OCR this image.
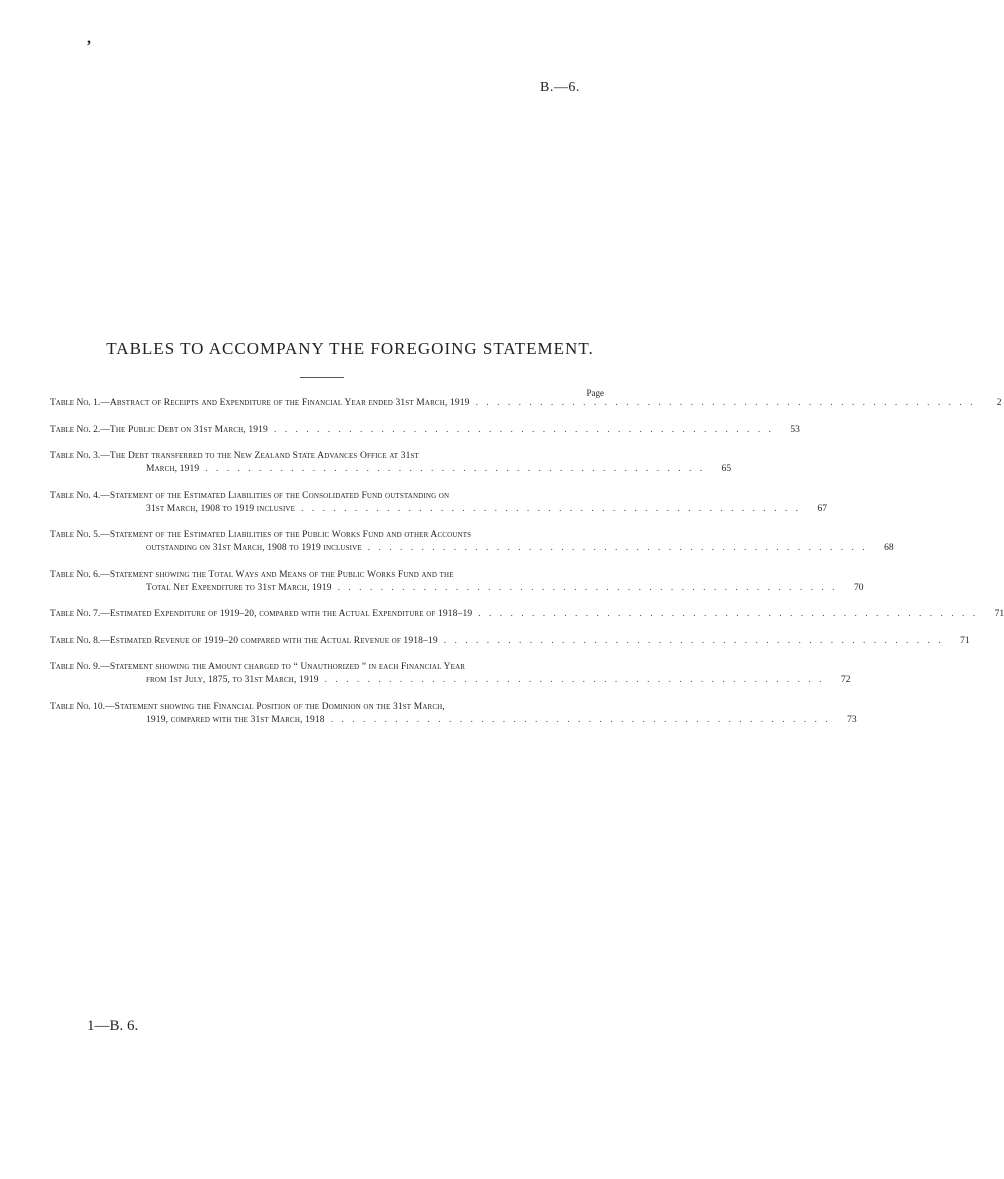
,
B.—6.
TABLES TO ACCOMPANY THE FOREGOING STATEMENT.
Page
Table No. 1. —Abstract of Receipts and Expenditure of the Financial Year ended 31st March, 1919 . . . . . . . . . . . . . . . . . . . . . . . . . . . . . . . . . . . . . . . . . . . . . . .	2
Table No. 2. —The Public Debt on 31st March, 1919 . . . . . . . . . . . . . . . . . . . . . . . . . . . . . . . . . . . . . . . . . . . . . . .	53
Table No. 3. —The Debt transferred to the New Zealand State Advances Office at 31st
March, 1919 . . . . . . . . . . . . . . . . . . . . . . . . . . . . . . . . . . . . . . . . . . . . . . .	65
Table No. 4. —Statement of the Estimated Liabilities of the Consolidated Fund outstanding on
31st March, 1908 to 1919 inclusive . . . . . . . . . . . . . . . . . . . . . . . . . . . . . . . . . . . . . . . . . . . . . . .	67
Table No. 5. —Statement of the Estimated Liabilities of the Public Works Fund and other Accounts
outstanding on 31st March, 1908 to 1919 inclusive . . . . . . . . . . . . . . . . . . . . . . . . . . . . . . . . . . . . . . . . . . . . . . .	68
Table No. 6. —Statement showing the Total Ways and Means of the Public Works Fund and the
Total Net Expenditure to 31st March, 1919 . . . . . . . . . . . . . . . . . . . . . . . . . . . . . . . . . . . . . . . . . . . . . . .	70
Table No. 7. —Estimated Expenditure of 1919–20, compared with the Actual Expenditure of 1918–19 . . . . . . . . . . . . . . . . . . . . . . . . . . . . . . . . . . . . . . . . . . . . . . .	71
Table No. 8. —Estimated Revenue of 1919–20 compared with the Actual Revenue of 1918–19 . . . . . . . . . . . . . . . . . . . . . . . . . . . . . . . . . . . . . . . . . . . . . . .	71
Table No. 9. —Statement showing the Amount charged to “ Unauthorized ” in each Financial Year
from 1st July, 1875, to 31st March, 1919 . . . . . . . . . . . . . . . . . . . . . . . . . . . . . . . . . . . . . . . . . . . . . . .	72
Table No. 10. —Statement showing the Financial Position of the Dominion on the 31st March,
1919, compared with the 31st March, 1918 . . . . . . . . . . . . . . . . . . . . . . . . . . . . . . . . . . . . . . . . . . . . . . .	73
1—B. 6.
